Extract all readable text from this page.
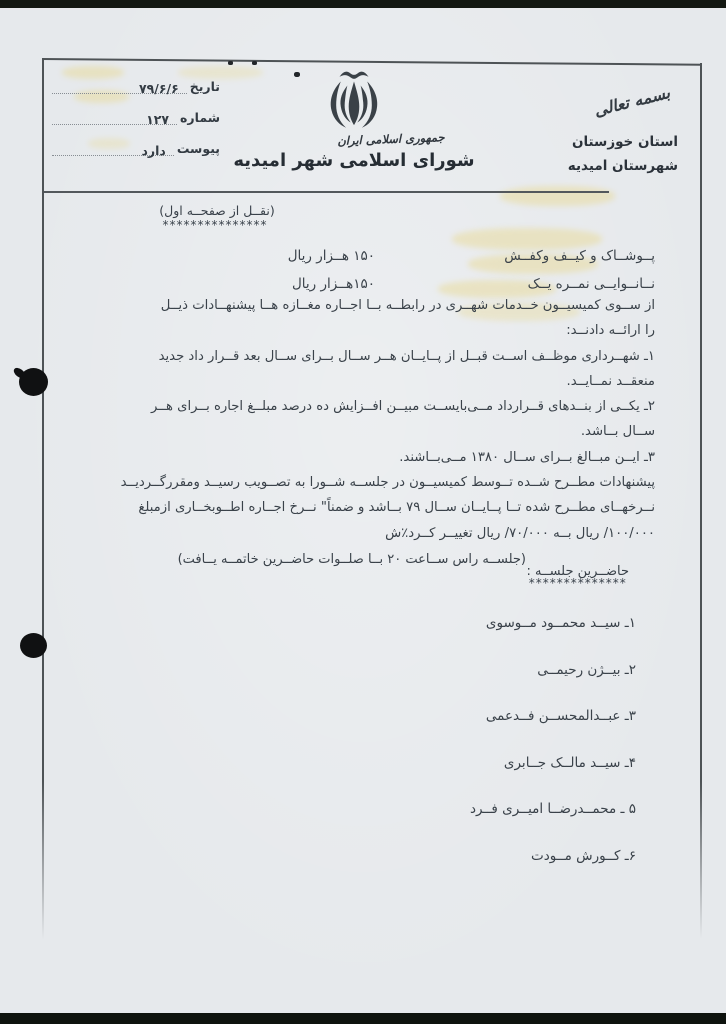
تاریخ
۷۹/۶/۶
شماره
۱۲۷
پیوست
دارد
جمهوری اسلامی ایران
شورای اسلامی شهر امیدیه
بسمه تعالی
استان خوزستان
شهرستان امیدیه
(نقــل از صفحــه اول)
***************
پــوشــاک و کیــف وکفــش
۱۵۰ هــزار ریال
نــانــوایــی نمــره یــک
۱۵۰هــزار ریال
از ســوی کمیسیــون خــدمات شهــری در رابطــه بــا اجــاره مغــازه هــا پیشنهــادات ذیــل
را ارائــه دادنــد:
۱ـ شهــرداری موظــف اســت قبــل از پــایــان هــر ســال بــرای ســال بعد قــرار داد جدید
منعقــد نمــایــد.
۲ـ یکــی از بنــدهای قــرارداد مــی‌بایســت مبیــن افــزایش ده درصد مبلــغ اجاره بــرای هــر
ســال بــاشد.
۳ـ ایــن مبــالغ بــرای ســال ۱۳۸۰ مــی‌بــاشند.
پیشنهادات مطــرح شــده تــوسط کمیسیــون در جلســه شــورا به تصــویب رسیــد ومقررگــردیــد
نــرخهــای مطــرح شده تــا پــایــان ســال ۷۹ بــاشد و ضمناً" نــرخ اجــاره اطــوبخــاری ازمبلغ
۱۰۰/۰۰۰/ ریال بــه ۷۰/۰۰۰/ ریال تغییــر کــرد٪ش
(جلســه راس ســاعت ۲۰ بــا صلــوات حاضــرین خاتمــه یــافت)
حاضــرین جلســه :
**************
۱ـ سیــد محمــود مــوسوی
۲ـ بیــژن رحیمــی
۳ـ عبــدالمحســن فــدعمی
۴ـ سیــد مالــک جــابری
۵ ـ محمــدرضــا امیــری فــرد
۶ـ کــورش مــودت
